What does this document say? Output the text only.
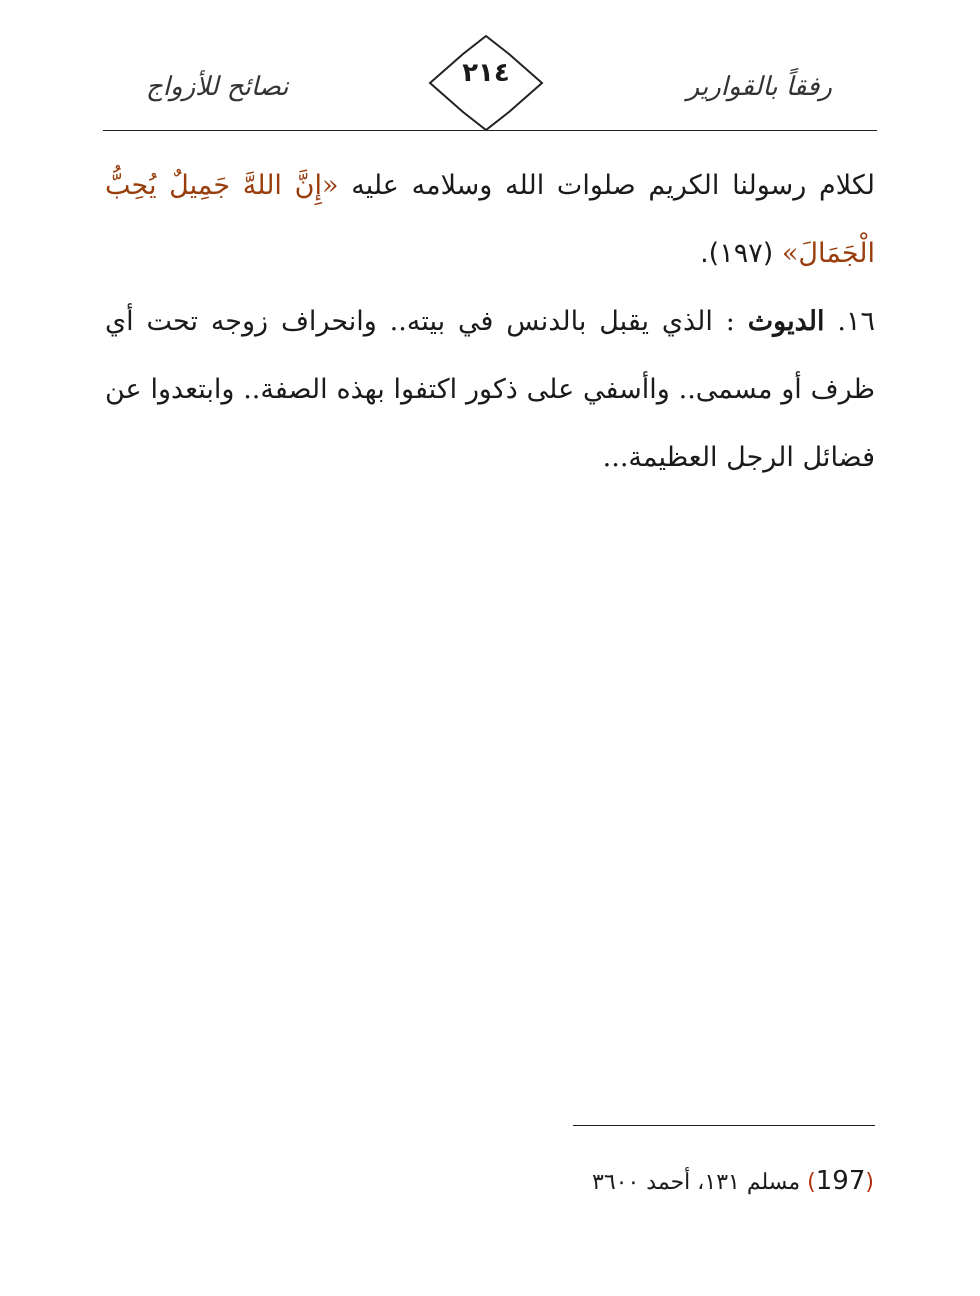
رفقاً بالقوارير
٢١٤
نصائح للأزواج

لكلام رسولنا الكريم صلوات الله وسلامه عليه «إِنَّ اللهَّ جَمِيلٌ يُحِبُّ الْجَمَالَ» (١٩٧).

١٦. الديوث : الذي يقبل بالدنس في بيته.. وانحراف زوجه تحت أي ظرف أو مسمى.. واأسفي على ذكور اكتفوا بهذه الصفة.. وابتعدوا عن فضائل الرجل العظيمة...

(197) مسلم ١٣١، أحمد ٣٦٠٠
